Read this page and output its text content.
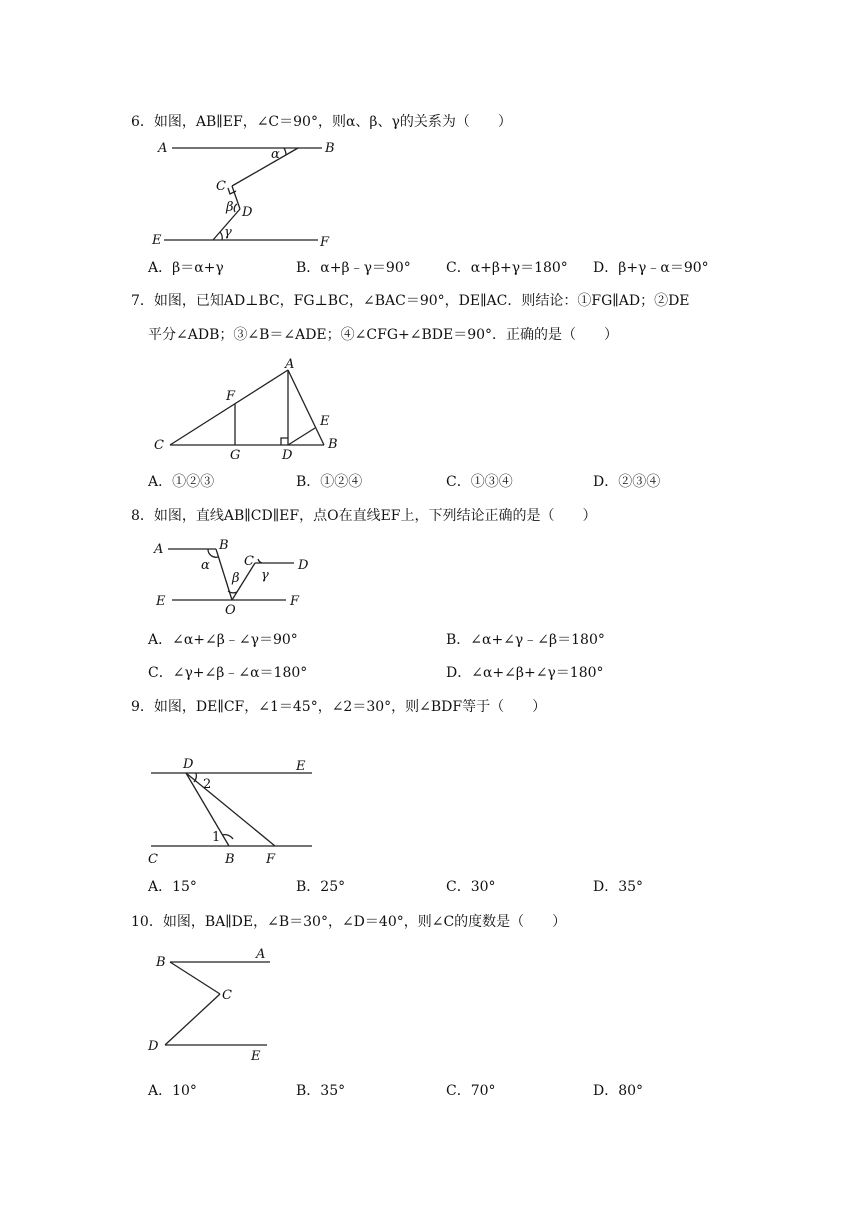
6．如图，AB∥EF，∠C＝90°，则α、β、γ的关系为（　　）
A	B
C
D
E	F
α
β
γ
A．β＝α+γ	B．α+β﹣γ＝90°	C．α+β+γ＝180° D．β+γ﹣α＝90°
7．如图，已知AD⊥BC，FG⊥BC，∠BAC＝90°，DE∥AC．则结论：①FG∥AD；②DE
平分∠ADB；③∠B＝∠ADE；④∠CFG+∠BDE＝90°．正确的是（　　）
A
B
C
D
E
F
G
A．①②③	B．①②④	C．①③④	D．②③④
8．如图，直线AB∥CD∥EF，点O在直线EF上，下列结论正确的是（　　）
A	B
C	D
E	F
O
α
β γ
A．∠α+∠β﹣∠γ＝90°	B．∠α+∠γ﹣∠β＝180°
C．∠γ+∠β﹣∠α＝180°	D．∠α+∠β+∠γ＝180°
9．如图，DE∥CF，∠1＝45°，∠2＝30°，则∠BDF等于（　　）
D	E
C	B F
1
2
A．15°	B．25°	C．30°	D．35°
10．如图，BA∥DE，∠B＝30°，∠D＝40°，则∠C的度数是（　　）
B
A
C
D
E
A．10°	B．35°	C．70°	D．80°
